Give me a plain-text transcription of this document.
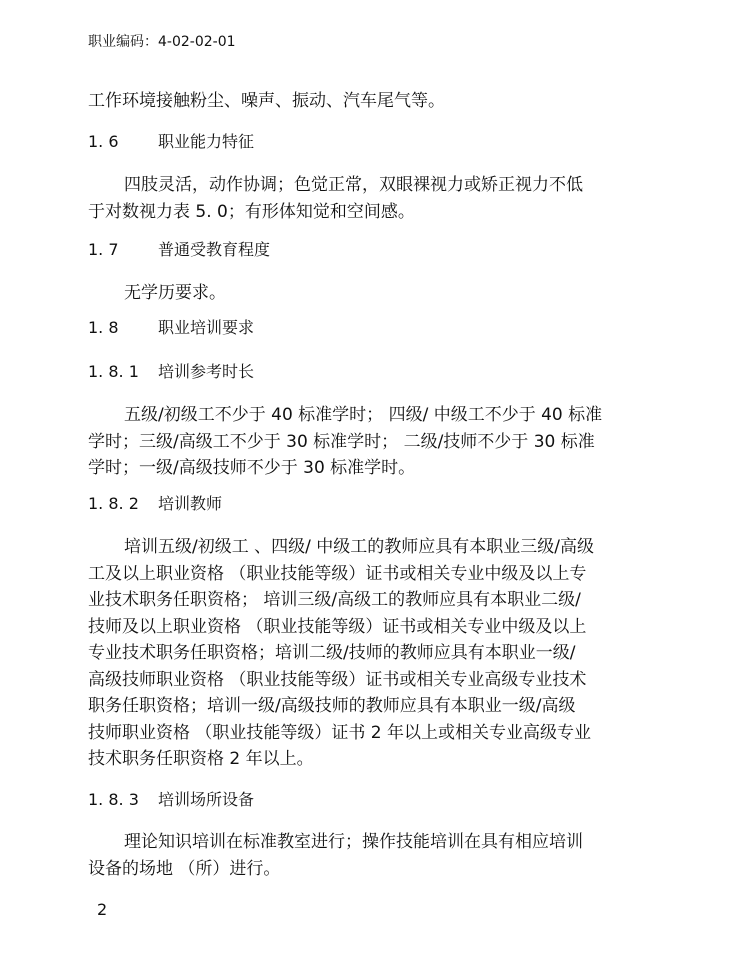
职业编码：4-02-02-01
工作环境接触粉尘、噪声、振动、汽车尾气等。
1. 6 职业能力特征
四肢灵活，动作协调；色觉正常，双眼裸视力或矫正视力不低
于对数视力表 5. 0；有形体知觉和空间感。
1. 7 普通受教育程度
无学历要求。
1. 8 职业培训要求
1. 8. 1 培训参考时长
五级/初级工不少于 40 标准学时； 四级/ 中级工不少于 40 标准
学时；三级/高级工不少于 30 标准学时； 二级/技师不少于 30 标准
学时；一级/高级技师不少于 30 标准学时。
1. 8. 2 培训教师
培训五级/初级工 、四级/ 中级工的教师应具有本职业三级/高级
工及以上职业资格 （职业技能等级）证书或相关专业中级及以上专
业技术职务任职资格； 培训三级/高级工的教师应具有本职业二级/
技师及以上职业资格 （职业技能等级）证书或相关专业中级及以上
专业技术职务任职资格；培训二级/技师的教师应具有本职业一级/
高级技师职业资格 （职业技能等级）证书或相关专业高级专业技术
职务任职资格；培训一级/高级技师的教师应具有本职业一级/高级
技师职业资格 （职业技能等级）证书 2 年以上或相关专业高级专业
技术职务任职资格 2 年以上。
1. 8. 3 培训场所设备
理论知识培训在标准教室进行；操作技能培训在具有相应培训
设备的场地 （所）进行。
2
